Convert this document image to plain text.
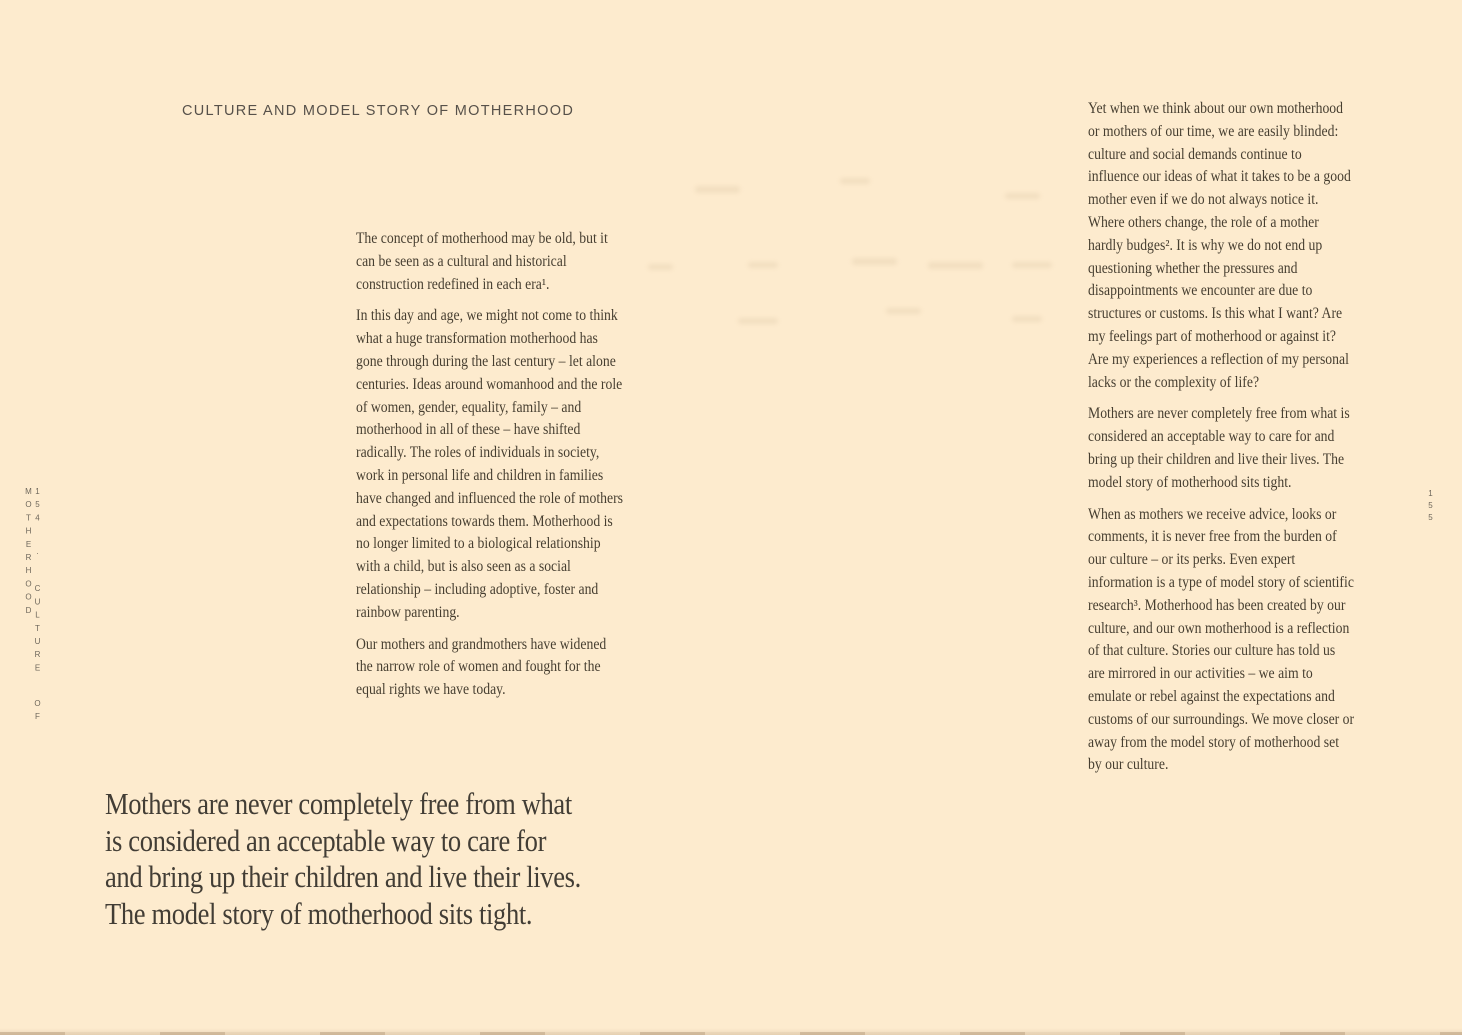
CULTURE AND MODEL STORY OF MOTHERHOOD

The concept of motherhood may be old, but it can be seen as a cultural and historical construction redefined in each era¹.

In this day and age, we might not come to think what a huge transformation motherhood has gone through during the last century – let alone centuries. Ideas around womanhood and the role of women, gender, equality, family – and motherhood in all of these – have shifted radically. The roles of individuals in society, work in personal life and children in families have changed and influenced the role of mothers and expectations towards them. Motherhood is no longer limited to a biological relationship with a child, but is also seen as a social relationship – including adoptive, foster and rainbow parenting.

Our mothers and grandmothers have widened the narrow role of women and fought for the equal rights we have today.

Mothers are never completely free from what
is considered an acceptable way to care for
and bring up their children and live their lives.
The model story of motherhood sits tight.
154 · CULTURE OF MOTHERHOOD

Yet when we think about our own motherhood or mothers of our time, we are easily blinded: culture and social demands continue to influence our ideas of what it takes to be a good mother even if we do not always notice it. Where others change, the role of a mother hardly budges². It is why we do not end up questioning whether the pressures and disappointments we encounter are due to structures or customs. Is this what I want? Are my feelings part of motherhood or against it? Are my experiences a reflection of my personal lacks or the complexity of life?

Mothers are never completely free from what is considered an acceptable way to care for and bring up their children and live their lives. The model story of motherhood sits tight.

When as mothers we receive advice, looks or comments, it is never free from the burden of our culture – or its perks. Even expert information is a type of model story of scientific research³. Motherhood has been created by our culture, and our own motherhood is a reflection of that culture. Stories our culture has told us are mirrored in our activities – we aim to emulate or rebel against the expectations and customs of our surroundings. We move closer or away from the model story of motherhood set by our culture.

155
